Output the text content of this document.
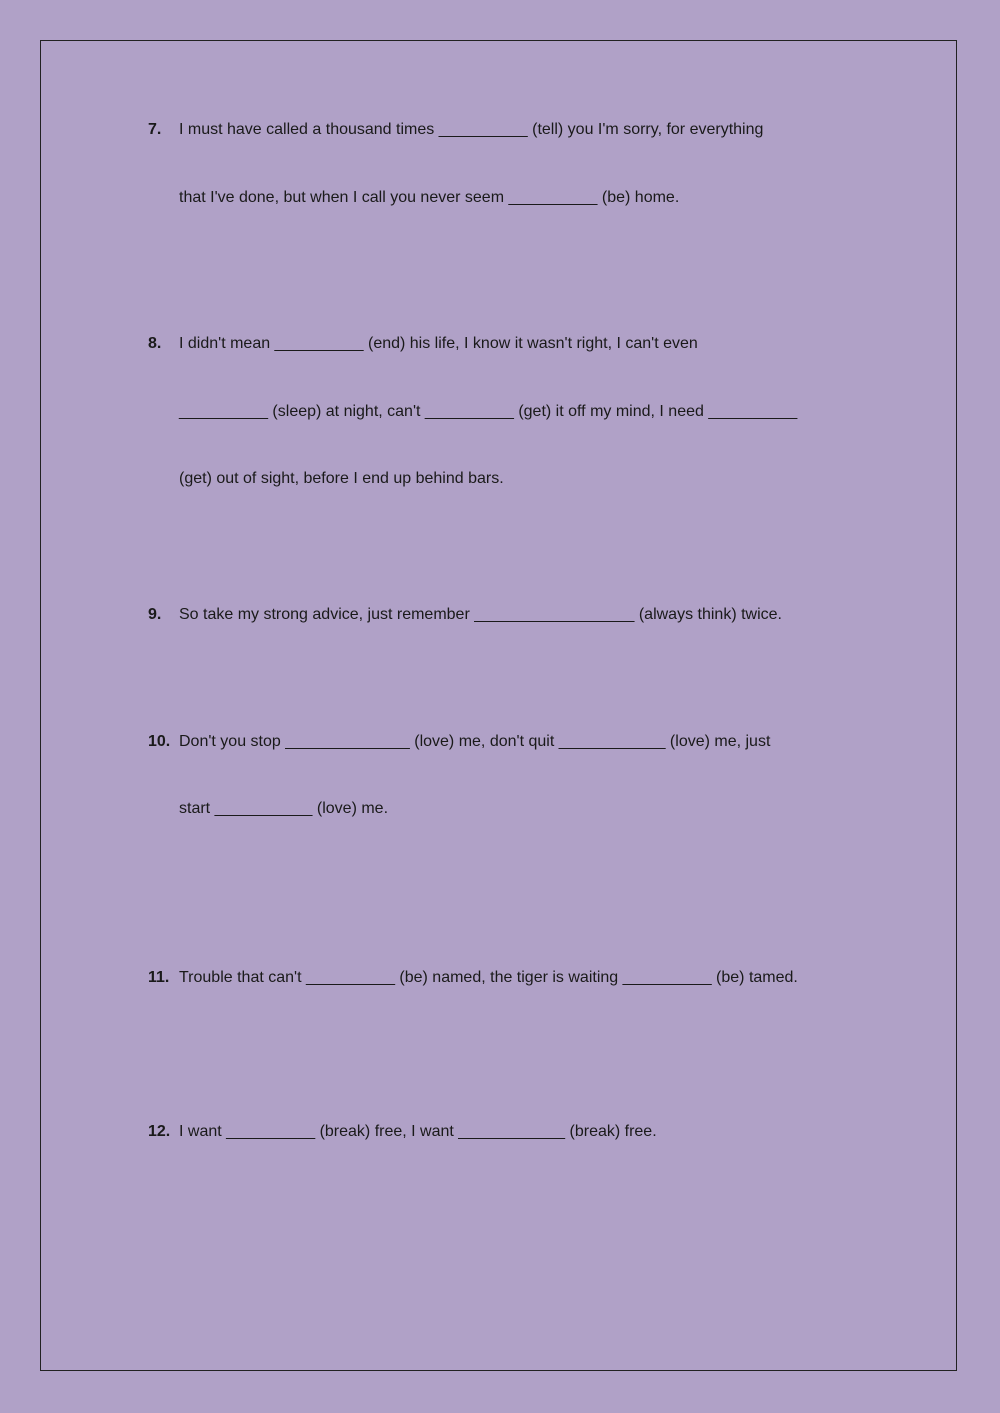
7. I must have called a thousand times __________ (tell) you I'm sorry, for everything
that I've done, but when I call you never seem __________ (be) home.
8. I didn't mean __________ (end) his life, I know it wasn't right, I can't even
__________ (sleep) at night, can't __________ (get) it off my mind, I need __________
(get) out of sight, before I end up behind bars.
9. So take my strong advice, just remember __________________ (always think) twice.
10. Don't you stop ______________ (love) me, don't quit ____________ (love) me, just
start ___________ (love) me.
11. Trouble that can't __________ (be) named, the tiger is waiting __________ (be) tamed.
12. I want __________ (break) free, I want ____________ (break) free.
